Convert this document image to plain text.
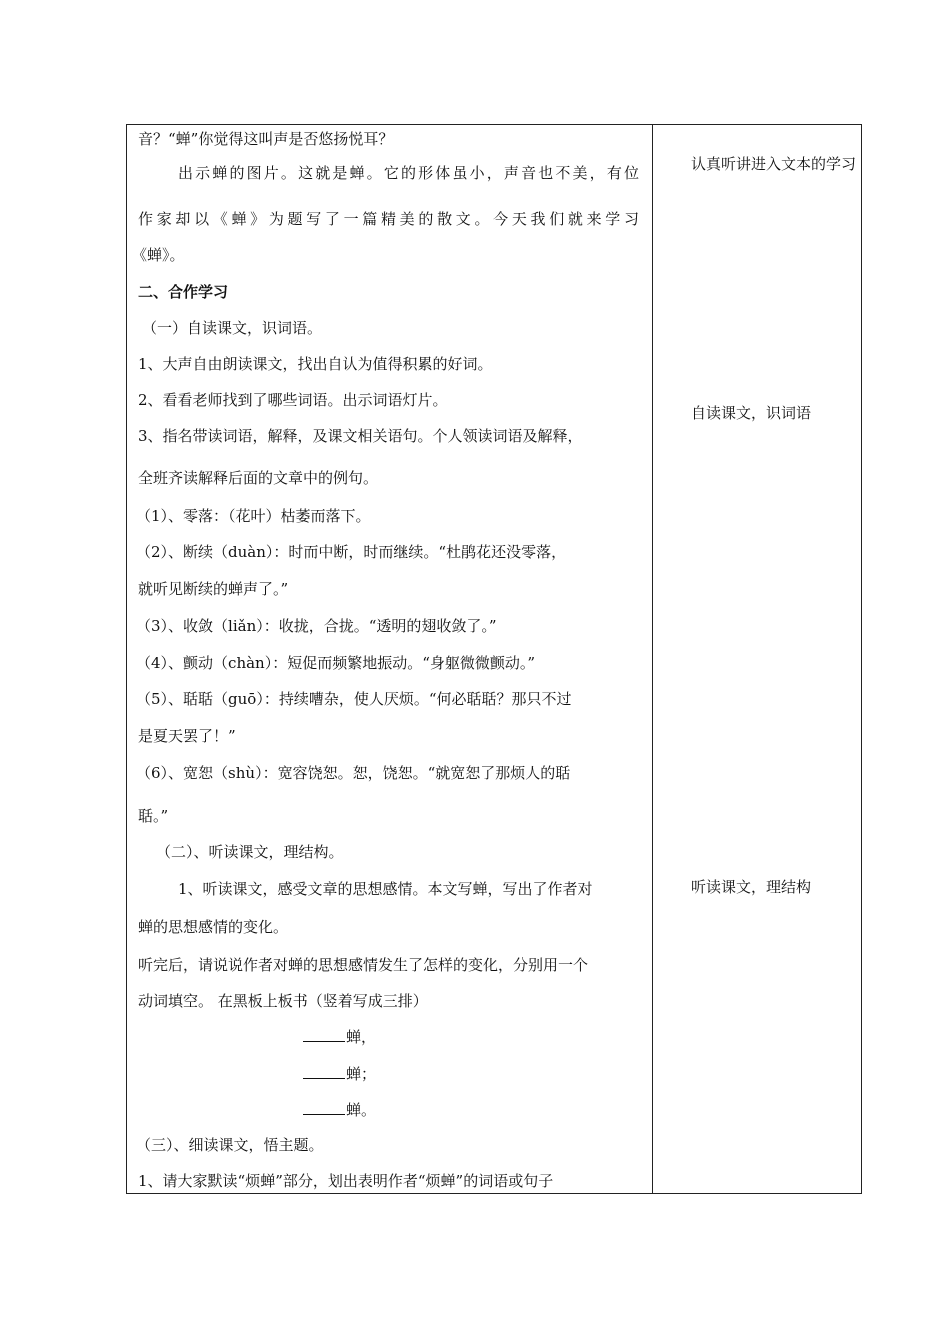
音？“蝉”你觉得这叫声是否悠扬悦耳？
出示蝉的图片。这就是蝉。它的形体虽小，声音也不美，有位
作家却以《蝉》为题写了一篇精美的散文。今天我们就来学习
《蝉》。
二、合作学习
（一）自读课文，识词语。
1、大声自由朗读课文，找出自认为值得积累的好词。
2、看看老师找到了哪些词语。出示词语灯片。
3、指名带读词语，解释，及课文相关语句。个人领读词语及解释，
全班齐读解释后面的文章中的例句。
（1）、零落：（花叶）枯萎而落下。
（2）、断续（duàn）：时而中断，时而继续。“杜鹃花还没零落，
就听见断续的蝉声了。”
（3）、收敛（liǎn）：收拢，合拢。“透明的翅收敛了。”
（4）、颤动（chàn）：短促而频繁地振动。“身躯微微颤动。”
（5）、聒聒（guō）：持续嘈杂，使人厌烦。“何必聒聒？那只不过
是夏天罢了！”
（6）、宽恕（shù）：宽容饶恕。恕，饶恕。“就宽恕了那烦人的聒
聒。”
（二）、听读课文，理结构。
1、听读课文，感受文章的思想感情。本文写蝉，写出了作者对
蝉的思想感情的变化。
听完后，请说说作者对蝉的思想感情发生了怎样的变化，分别用一个
动词填空。 在黑板上板书（竖着写成三排）
蝉，
蝉；
蝉。
（三）、细读课文，悟主题。
1、请大家默读“烦蝉”部分，划出表明作者“烦蝉”的词语或句子
认真听讲进入文本的学习
自读课文，识词语
听读课文，理结构
